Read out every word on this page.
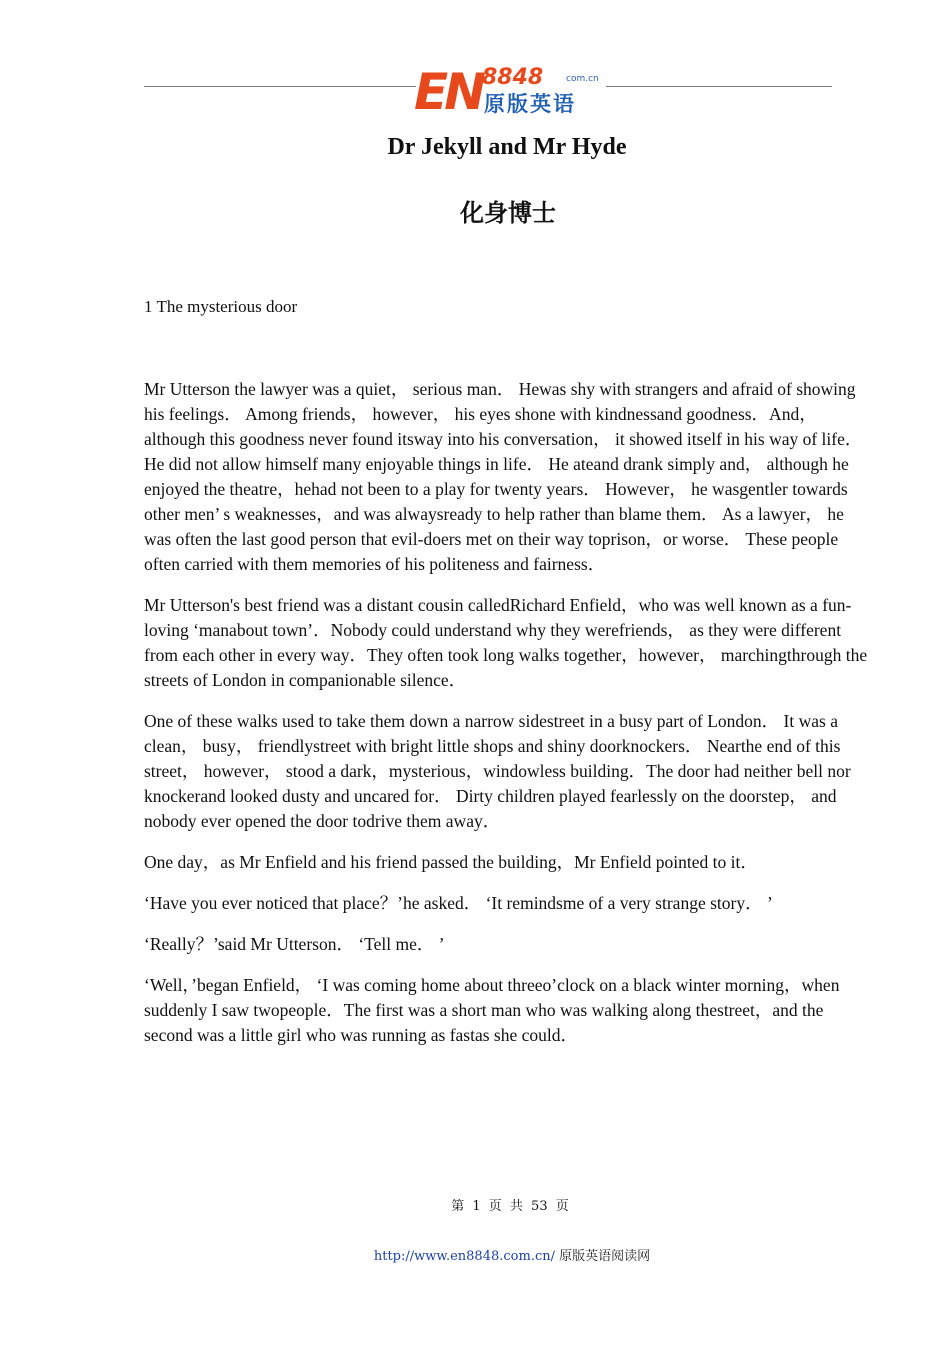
EN 8848	com.cn
原版英语
Dr Jekyll and Mr Hyde
化身博士

1 The mysterious door

Mr Utterson the lawyer was a quiet， serious man． Hewas shy with strangers and afraid of showing his feelings． Among friends， however， his eyes shone with kindnessand goodness．And， although this goodness never found itsway into his conversation， it showed itself in his way of life．He did not allow himself many enjoyable things in life． He ateand drank simply and， although he enjoyed the theatre，hehad not been to a play for twenty years． However， he wasgentler towards other men’ s weaknesses，and was alwaysready to help rather than blame them． As a lawyer， he was often the last good person that evil-doers met on their way toprison，or worse． These people often carried with them memories of his politeness and fairness．

Mr Utterson's best friend was a distant cousin calledRichard Enfield，who was well known as a fun-loving ‘manabout town’．Nobody could understand why they werefriends， as they were different from each other in every way．They often took long walks together，however， marchingthrough the streets of London in companionable silence．

One of these walks used to take them down a narrow sidestreet in a busy part of London． It was a clean， busy， friendlystreet with bright little shops and shiny doorknockers． Nearthe end of this street， however， stood a dark，mysterious，windowless building．The door had neither bell nor knockerand looked dusty and uncared for． Dirty children played fearlessly on the doorstep， and nobody ever opened the door todrive them away．

One day，as Mr Enfield and his friend passed the building，Mr Enfield pointed to it．

‘Have you ever noticed that place？’he asked． ‘It remindsme of a very strange story． ’

‘Really？’said Mr Utterson． ‘Tell me． ’

‘Well，’began Enfield， ‘I was coming home about threeo’clock on a black winter morning，when suddenly I saw twopeople．The first was a short man who was walking along thestreet，and the second was a little girl who was running as fastas she could．

第 1 页 共 53 页
http://www.en8848.com.cn/ 原版英语阅读网
